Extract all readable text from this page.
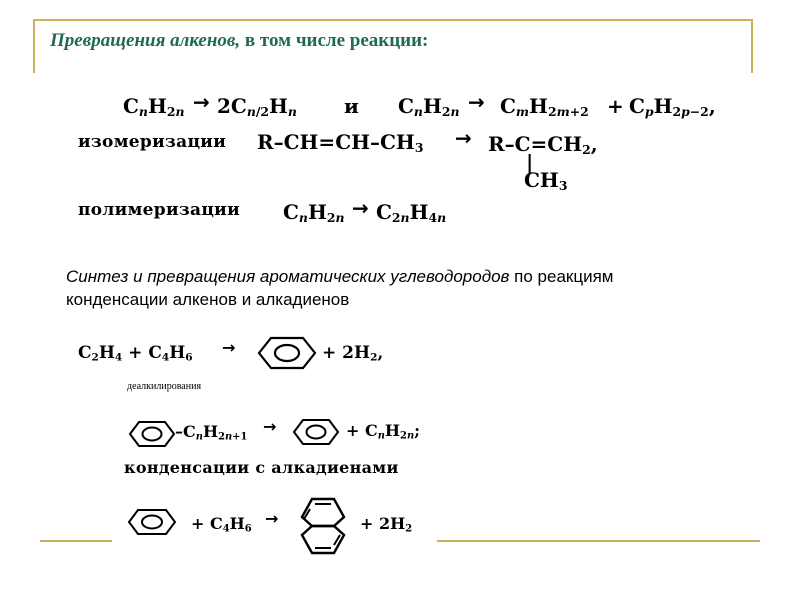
Превращения алкенов, в том числе реакции:
$C_nH_{2n} \to 2C_{n/2}H_n$ и $C_nH_{2n} \to C_mH_{2m+2} + C_pH_{2p-2}$,
изомеризации $R-CH=CH-CH_3 \to R-C=CH_2$,
|
$CH_3$
полимеризации $C_nH_{2n} \to C_{2n}H_{4n}$
Синтез и превращения ароматических углеводородов по реакциям
конденсации алкенов и алкадиенов
$C_2H_4 + C_4H_6$
→	+ $2H_2$,
деалкилирования
$-C_nH_{2n+1}$
→	+ $C_nH_{2n}$;
конденсации с алкадиенами
+ $C_4H_6$
→	+ $2H_2$
